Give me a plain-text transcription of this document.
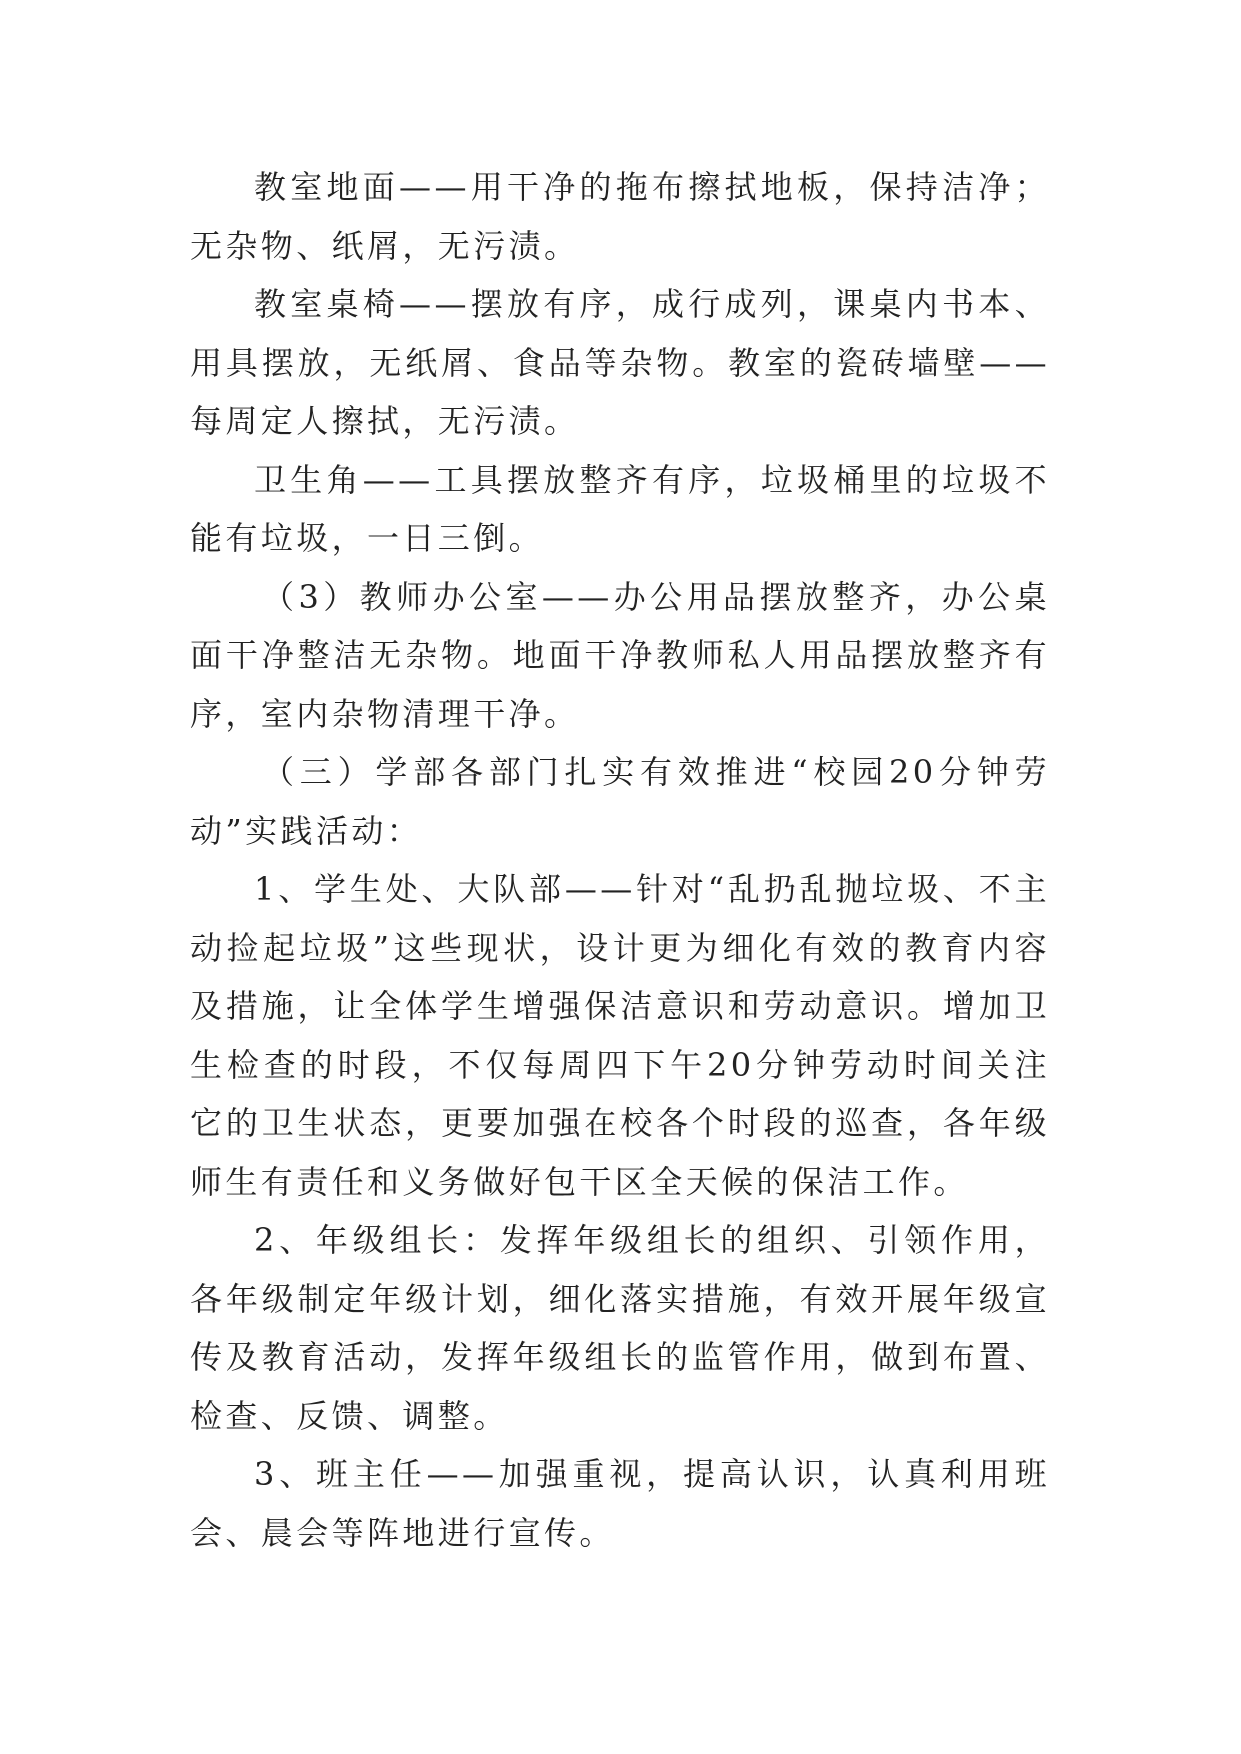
教室地面——用干净的拖布擦拭地板，保持洁净；无杂物、纸屑，无污渍。

教室桌椅——摆放有序，成行成列，课桌内书本、用具摆放，无纸屑、食品等杂物。教室的瓷砖墙壁——每周定人擦拭，无污渍。

卫生角——工具摆放整齐有序，垃圾桶里的垃圾不能有垃圾，一日三倒。

（3）教师办公室——办公用品摆放整齐，办公桌面干净整洁无杂物。地面干净教师私人用品摆放整齐有序，室内杂物清理干净。

（三）学部各部门扎实有效推进“校园20分钟劳动”实践活动：

1、学生处、大队部——针对“乱扔乱抛垃圾、不主动捡起垃圾”这些现状，设计更为细化有效的教育内容及措施，让全体学生增强保洁意识和劳动意识。增加卫生检查的时段，不仅每周四下午20分钟劳动时间关注它的卫生状态，更要加强在校各个时段的巡查，各年级师生有责任和义务做好包干区全天候的保洁工作。

2、年级组长：发挥年级组长的组织、引领作用，各年级制定年级计划，细化落实措施，有效开展年级宣传及教育活动，发挥年级组长的监管作用，做到布置、检查、反馈、调整。

3、班主任——加强重视，提高认识，认真利用班会、晨会等阵地进行宣传。
